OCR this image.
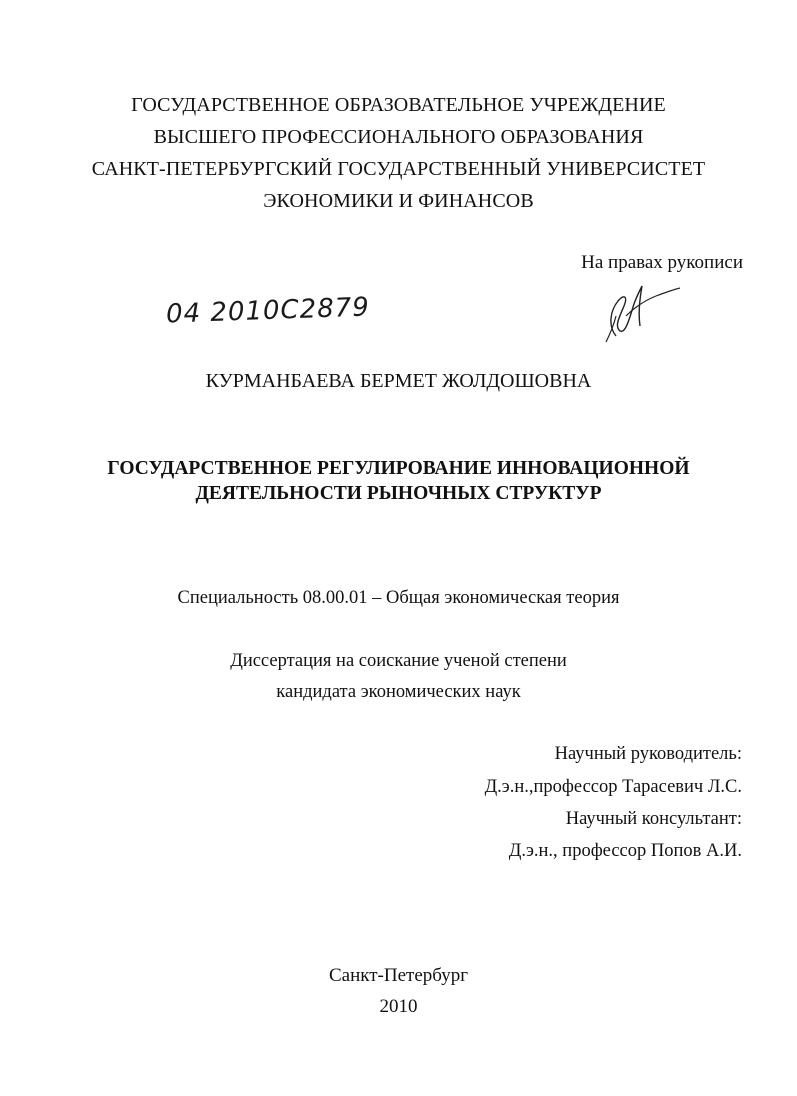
ГОСУДАРСТВЕННОЕ ОБРАЗОВАТЕЛЬНОЕ УЧРЕЖДЕНИЕ
ВЫСШЕГО ПРОФЕССИОНАЛЬНОГО ОБРАЗОВАНИЯ
САНКТ-ПЕТЕРБУРГСКИЙ ГОСУДАРСТВЕННЫЙ УНИВЕРСИСТЕТ
ЭКОНОМИКИ И ФИНАНСОВ
На правах рукописи
04 2010С2879
КУРМАНБАЕВА БЕРМЕТ ЖОЛДОШОВНА
ГОСУДАРСТВЕННОЕ РЕГУЛИРОВАНИЕ ИННОВАЦИОННОЙ
ДЕЯТЕЛЬНОСТИ РЫНОЧНЫХ СТРУКТУР
Специальность 08.00.01 – Общая экономическая теория
Диссертация на соискание ученой степени
кандидата экономических наук
Научный руководитель:
Д.э.н.,профессор Тарасевич Л.С.
Научный консультант:
Д.э.н., профессор Попов А.И.
Санкт-Петербург
2010
